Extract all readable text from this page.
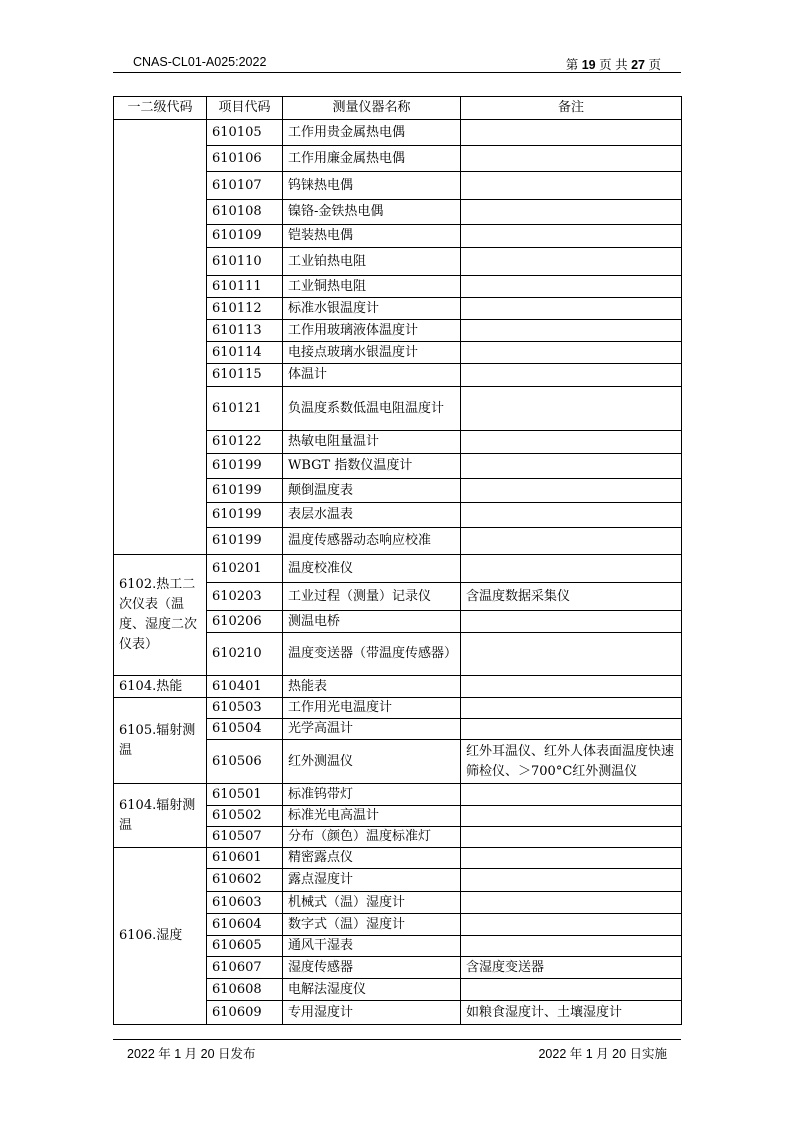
CNAS-CL01-A025:2022	第 19 页 共 27 页
一二级代码	项目代码	测量仪器名称	备注
	610105	工作用贵金属热电偶	
	610106	工作用廉金属热电偶	
	610107	钨铼热电偶	
	610108	镍铬-金铁热电偶	
	610109	铠装热电偶	
	610110	工业铂热电阻	
	610111	工业铜热电阻	
	610112	标准水银温度计	
	610113	工作用玻璃液体温度计	
	610114	电接点玻璃水银温度计	
	610115	体温计	
	610121	负温度系数低温电阻温度计	
	610122	热敏电阻量温计	
	610199	WBGT 指数仪温度计	
	610199	颠倒温度表	
	610199	表层水温表	
	610199	温度传感器动态响应校准	
6102.热工二次仪表（温度、湿度二次仪表）	610201	温度校准仪	
	610203	工业过程（测量）记录仪	含温度数据采集仪
	610206	测温电桥	
	610210	温度变送器（带温度传感器）	
6104.热能	610401	热能表	
6105.辐射测温	610503	工作用光电温度计	
	610504	光学高温计	
	610506	红外测温仪	红外耳温仪、红外人体表面温度快速筛检仪、＞700°C红外测温仪
6104.辐射测温	610501	标准钨带灯	
	610502	标准光电高温计	
	610507	分布（颜色）温度标准灯	
6106.湿度	610601	精密露点仪	
	610602	露点湿度计	
	610603	机械式（温）湿度计	
	610604	数字式（温）湿度计	
	610605	通风干湿表	
	610607	湿度传感器	含湿度变送器
	610608	电解法湿度仪	
	610609	专用湿度计	如粮食湿度计、土壤湿度计
2022 年 1 月 20 日发布	2022 年 1 月 20 日实施
